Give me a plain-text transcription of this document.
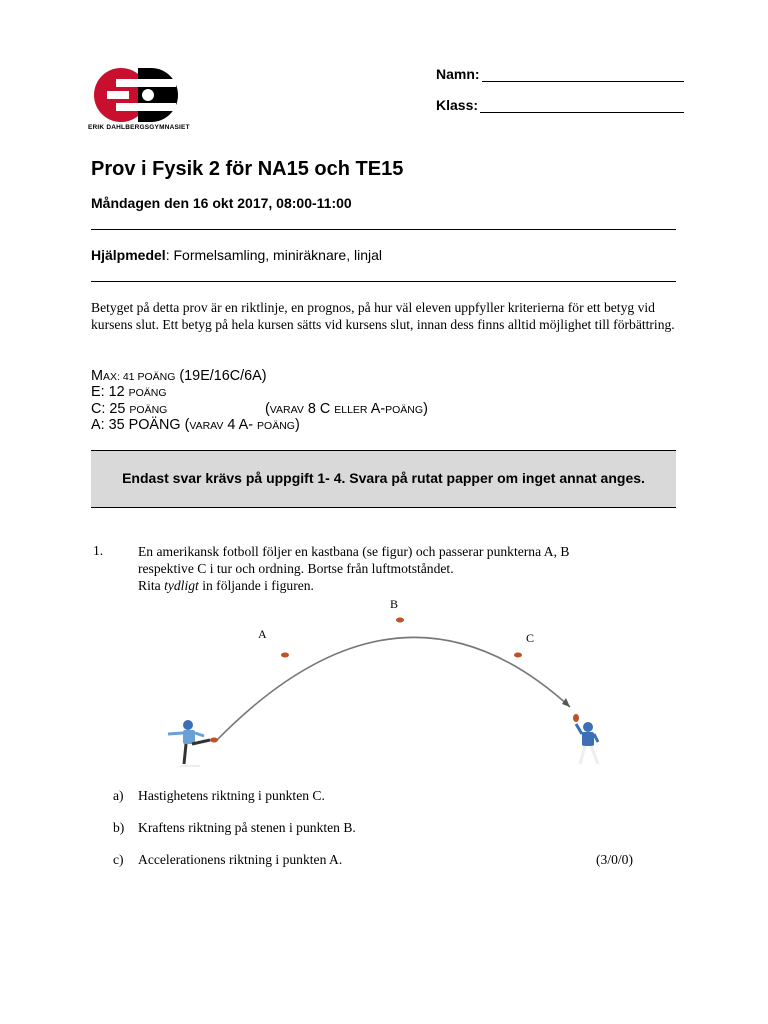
ERIK DAHLBERGSGYMNASIET
Namn:
Klass:
Prov i Fysik 2 för NA15 och TE15
Måndagen den 16 okt 2017, 08:00-11:00
Hjälpmedel: Formelsamling, miniräknare, linjal
Betyget på detta prov är en riktlinje, en prognos, på hur väl eleven uppfyller kriterierna för ett betyg vid kursens slut. Ett betyg på hela kursen sätts vid kursens slut, innan dess finns alltid möjlighet till förbättring.
MAX: 41 POÄNG (19E/16C/6A)
E: 12 POÄNG
C: 25 POÄNG	(VARAV 8 C ELLER A-POÄNG)
A: 35 POÄNG (VARAV 4 A- POÄNG)
Endast svar krävs på uppgift 1- 4. Svara på rutat papper om inget annat anges.
1.	En amerikansk fotboll följer en kastbana (se figur) och passerar punkterna A, B
respektive C i tur och ordning. Bortse från luftmotståndet.
Rita tydligt in följande i figuren.
A
B
C
a) Hastighetens riktning i punkten C.
b) Kraftens riktning på stenen i punkten B.
c) Accelerationens riktning i punkten A.	(3/0/0)
